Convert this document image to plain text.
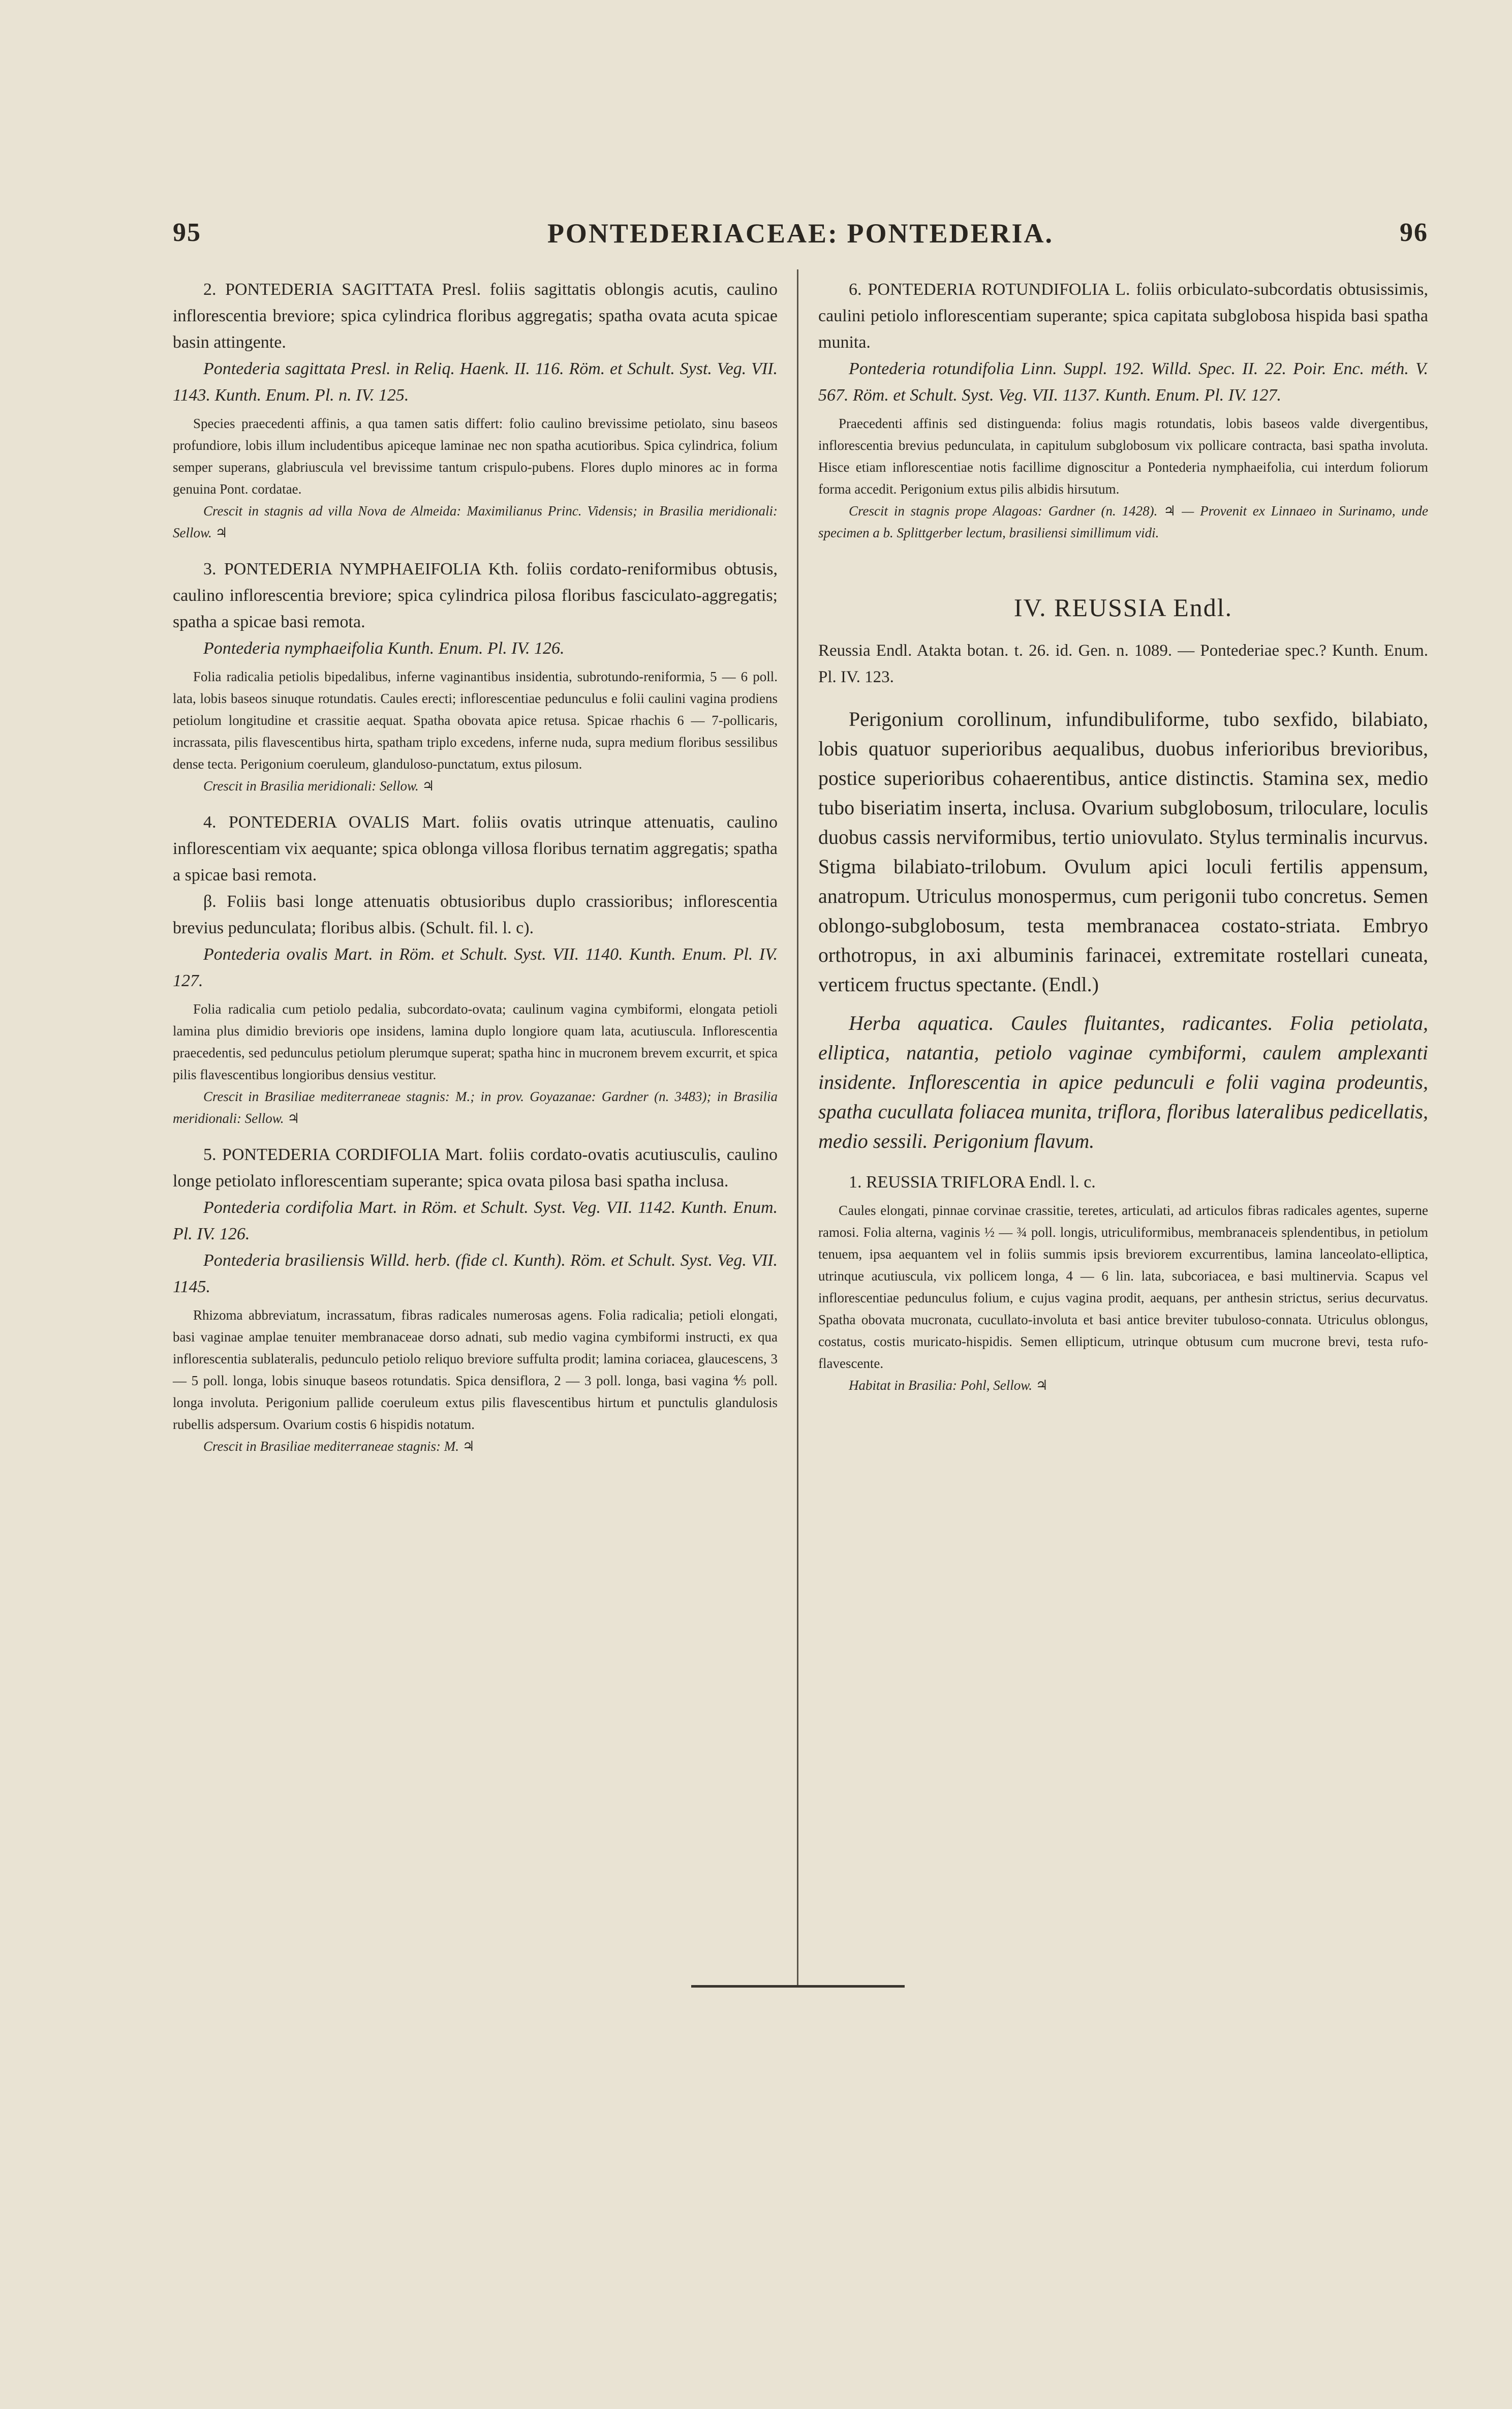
95	PONTEDERIACEAE: PONTEDERIA.	96

2. PONTEDERIA SAGITTATA Presl. foliis sagittatis oblongis acutis, caulino inflorescentia breviore; spica cylindrica floribus aggregatis; spatha ovata acuta spicae basin attingente.

Pontederia sagittata Presl. in Reliq. Haenk. II. 116. Röm. et Schult. Syst. Veg. VII. 1143. Kunth. Enum. Pl. n. IV. 125.

Species praecedenti affinis, a qua tamen satis differt: folio caulino brevissime petiolato, sinu baseos profundiore, lobis illum includentibus apiceque laminae nec non spatha acutioribus. Spica cylindrica, folium semper superans, glabriuscula vel brevissime tantum crispulo-pubens. Flores duplo minores ac in forma genuina Pont. cordatae.

Crescit in stagnis ad villa Nova de Almeida: Maximilianus Princ. Vidensis; in Brasilia meridionali: Sellow. ♃

3. PONTEDERIA NYMPHAEIFOLIA Kth. foliis cordato-reniformibus obtusis, caulino inflorescentia breviore; spica cylindrica pilosa floribus fasciculato-aggregatis; spatha a spicae basi remota.

Pontederia nymphaeifolia Kunth. Enum. Pl. IV. 126.

Folia radicalia petiolis bipedalibus, inferne vaginantibus insidentia, subrotundo-reniformia, 5 — 6 poll. lata, lobis baseos sinuque rotundatis. Caules erecti; inflorescentiae pedunculus e folii caulini vagina prodiens petiolum longitudine et crassitie aequat. Spatha obovata apice retusa. Spicae rhachis 6 — 7-pollicaris, incrassata, pilis flavescentibus hirta, spatham triplo excedens, inferne nuda, supra medium floribus sessilibus dense tecta. Perigonium coeruleum, glanduloso-punctatum, extus pilosum.

Crescit in Brasilia meridionali: Sellow. ♃

4. PONTEDERIA OVALIS Mart. foliis ovatis utrinque attenuatis, caulino inflorescentiam vix aequante; spica oblonga villosa floribus ternatim aggregatis; spatha a spicae basi remota.

β. Foliis basi longe attenuatis obtusioribus duplo crassioribus; inflorescentia brevius pedunculata; floribus albis. (Schult. fil. l. c).

Pontederia ovalis Mart. in Röm. et Schult. Syst. VII. 1140. Kunth. Enum. Pl. IV. 127.

Folia radicalia cum petiolo pedalia, subcordato-ovata; caulinum vagina cymbiformi, elongata petioli lamina plus dimidio brevioris ope insidens, lamina duplo longiore quam lata, acutiuscula. Inflorescentia praecedentis, sed pedunculus petiolum plerumque superat; spatha hinc in mucronem brevem excurrit, et spica pilis flavescentibus longioribus densius vestitur.

Crescit in Brasiliae mediterraneae stagnis: M.; in prov. Goyazanae: Gardner (n. 3483); in Brasilia meridionali: Sellow. ♃

5. PONTEDERIA CORDIFOLIA Mart. foliis cordato-ovatis acutiusculis, caulino longe petiolato inflorescentiam superante; spica ovata pilosa basi spatha inclusa.

Pontederia cordifolia Mart. in Röm. et Schult. Syst. Veg. VII. 1142. Kunth. Enum. Pl. IV. 126.

Pontederia brasiliensis Willd. herb. (fide cl. Kunth). Röm. et Schult. Syst. Veg. VII. 1145.

Rhizoma abbreviatum, incrassatum, fibras radicales numerosas agens. Folia radicalia; petioli elongati, basi vaginae amplae tenuiter membranaceae dorso adnati, sub medio vagina cymbiformi instructi, ex qua inflorescentia sublateralis, pedunculo petiolo reliquo breviore suffulta prodit; lamina coriacea, glaucescens, 3 — 5 poll. longa, lobis sinuque baseos rotundatis. Spica densiflora, 2 — 3 poll. longa, basi vagina ⅘ poll. longa involuta. Perigonium pallide coeruleum extus pilis flavescentibus hirtum et punctulis glandulosis rubellis adspersum. Ovarium costis 6 hispidis notatum.

Crescit in Brasiliae mediterraneae stagnis: M. ♃

6. PONTEDERIA ROTUNDIFOLIA L. foliis orbiculato-subcordatis obtusissimis, caulini petiolo inflorescentiam superante; spica capitata subglobosa hispida basi spatha munita.

Pontederia rotundifolia Linn. Suppl. 192. Willd. Spec. II. 22. Poir. Enc. méth. V. 567. Röm. et Schult. Syst. Veg. VII. 1137. Kunth. Enum. Pl. IV. 127.

Praecedenti affinis sed distinguenda: folius magis rotundatis, lobis baseos valde divergentibus, inflorescentia brevius pedunculata, in capitulum subglobosum vix pollicare contracta, basi spatha involuta. Hisce etiam inflorescentiae notis facillime dignoscitur a Pontederia nymphaeifolia, cui interdum foliorum forma accedit. Perigonium extus pilis albidis hirsutum.

Crescit in stagnis prope Alagoas: Gardner (n. 1428). ♃ — Provenit ex Linnaeo in Surinamo, unde specimen a b. Splittgerber lectum, brasiliensi simillimum vidi.

IV. REUSSIA Endl.

Reussia Endl. Atakta botan. t. 26. id. Gen. n. 1089. — Pontederiae spec.? Kunth. Enum. Pl. IV. 123.

Perigonium corollinum, infundibuliforme, tubo sexfido, bilabiato, lobis quatuor superioribus aequalibus, duobus inferioribus brevioribus, postice superioribus cohaerentibus, antice distinctis. Stamina sex, medio tubo biseriatim inserta, inclusa. Ovarium subglobosum, triloculare, loculis duobus cassis nerviformibus, tertio uniovulato. Stylus terminalis incurvus. Stigma bilabiato-trilobum. Ovulum apici loculi fertilis appensum, anatropum. Utriculus monospermus, cum perigonii tubo concretus. Semen oblongo-subglobosum, testa membranacea costato-striata. Embryo orthotropus, in axi albuminis farinacei, extremitate rostellari cuneata, verticem fructus spectante. (Endl.)

Herba aquatica. Caules fluitantes, radicantes. Folia petiolata, elliptica, natantia, petiolo vaginae cymbiformi, caulem amplexanti insidente. Inflorescentia in apice pedunculi e folii vagina prodeuntis, spatha cucullata foliacea munita, triflora, floribus lateralibus pedicellatis, medio sessili. Perigonium flavum.

1. REUSSIA TRIFLORA Endl. l. c.

Caules elongati, pinnae corvinae crassitie, teretes, articulati, ad articulos fibras radicales agentes, superne ramosi. Folia alterna, vaginis ½ — ¾ poll. longis, utriculiformibus, membranaceis splendentibus, in petiolum tenuem, ipsa aequantem vel in foliis summis ipsis breviorem excurrentibus, lamina lanceolato-elliptica, utrinque acutiuscula, vix pollicem longa, 4 — 6 lin. lata, subcoriacea, e basi multinervia. Scapus vel inflorescentiae pedunculus folium, e cujus vagina prodit, aequans, per anthesin strictus, serius decurvatus. Spatha obovata mucronata, cucullato-involuta et basi antice breviter tubuloso-connata. Utriculus oblongus, costatus, costis muricato-hispidis. Semen ellipticum, utrinque obtusum cum mucrone brevi, testa rufo-flavescente.

Habitat in Brasilia: Pohl, Sellow. ♃
